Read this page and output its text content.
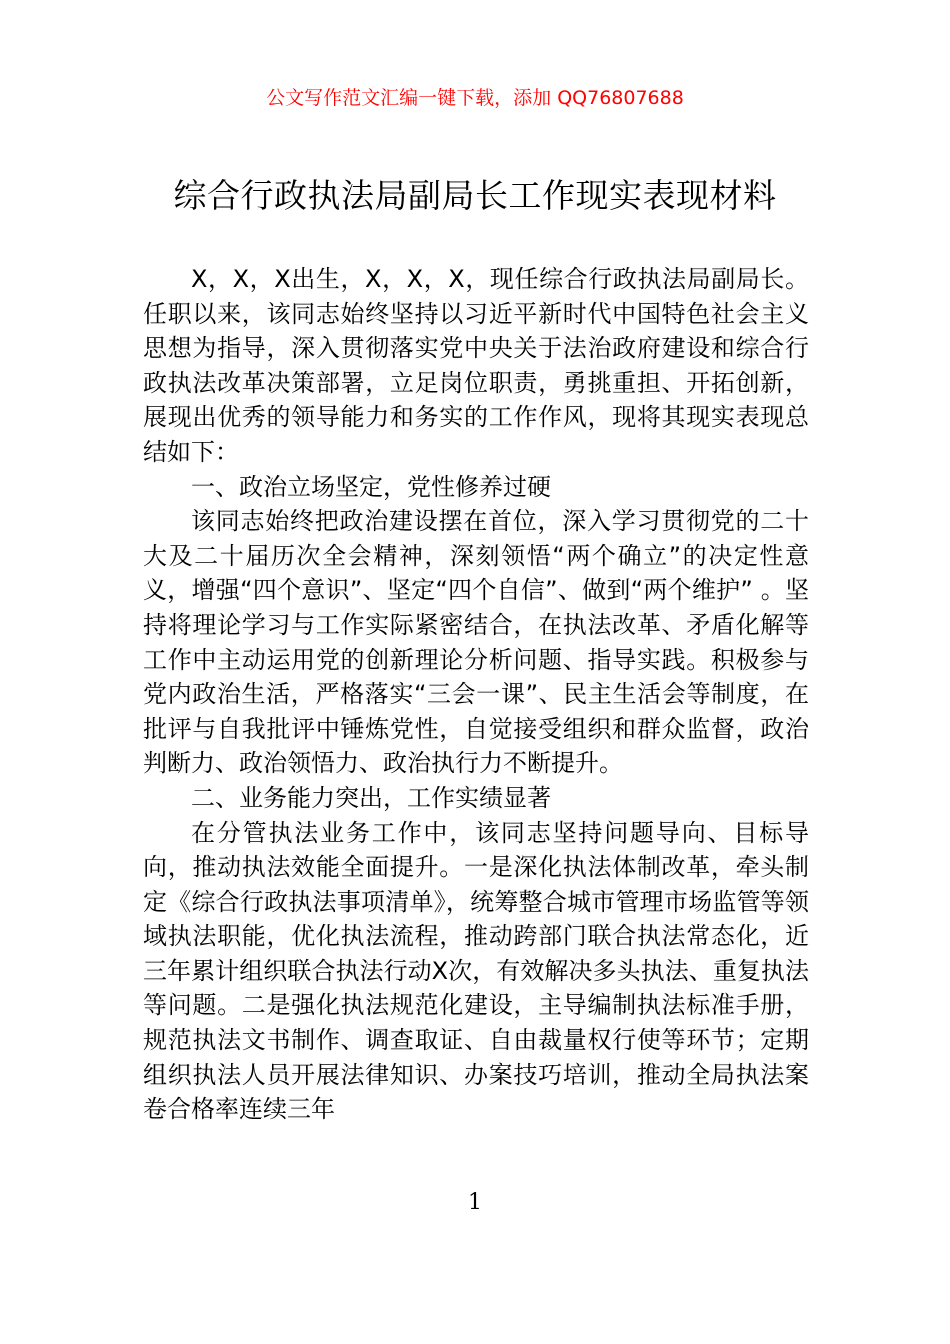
公文写作范文汇编一键下载，添加 QQ76807688
综合行政执法局副局长工作现实表现材料

X，X，X出生，X，X，X，现任综合行政执法局副局长。任职以来，该同志始终坚持以习近平新时代中国特色社会主义思想为指导，深入贯彻落实党中央关于法治政府建设和综合行政执法改革决策部署，立足岗位职责，勇挑重担、开拓创新，展现出优秀的领导能力和务实的工作作风，现将其现实表现总结如下：

一、政治立场坚定，党性修养过硬

该同志始终把政治建设摆在首位，深入学习贯彻党的二十大及二十届历次全会精神，深刻领悟“两个确立”的决定性意义，增强“四个意识”、坚定“四个自信”、做到“两个维护” 。坚持将理论学习与工作实际紧密结合，在执法改革、矛盾化解等工作中主动运用党的创新理论分析问题、指导实践。积极参与党内政治生活，严格落实“三会一课”、民主生活会等制度，在批评与自我批评中锤炼党性，自觉接受组织和群众监督，政治判断力、政治领悟力、政治执行力不断提升。

二、业务能力突出，工作实绩显著

在分管执法业务工作中，该同志坚持问题导向、目标导向，推动执法效能全面提升。一是深化执法体制改革，牵头制定《综合行政执法事项清单》，统筹整合城市管理市场监管等领域执法职能，优化执法流程，推动跨部门联合执法常态化，近三年累计组织联合执法行动X次，有效解决多头执法、重复执法等问题。二是强化执法规范化建设，主导编制执法标准手册，规范执法文书制作、调查取证、自由裁量权行使等环节；定期组织执法人员开展法律知识、办案技巧培训，推动全局执法案卷合格率连续三年

1
